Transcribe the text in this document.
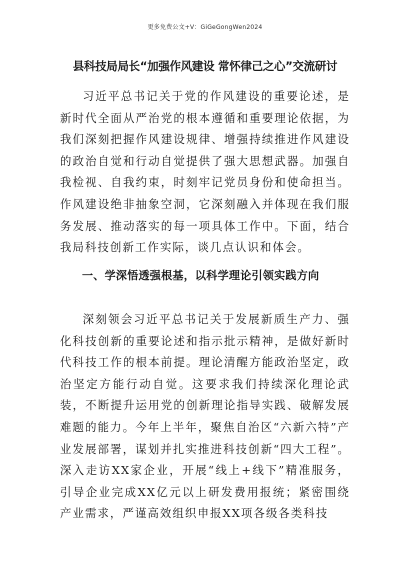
更多免费公文+V：GiGeGongWen2024
县科技局局长“加强作风建设 常怀律己之心”交流研讨

习近平总书记关于党的作风建设的重要论述，是新时代全面从严治党的根本遵循和重要理论依据，为我们深刻把握作风建设规律、增强持续推进作风建设的政治自觉和行动自觉提供了强大思想武器。加强自我检视、自我约束，时刻牢记党员身份和使命担当。作风建设绝非抽象空洞，它深刻融入并体现在我们服务发展、推动落实的每一项具体工作中。下面，结合我局科技创新工作实际，谈几点认识和体会。

一、学深悟透强根基，以科学理论引领实践方向

深刻领会习近平总书记关于发展新质生产力、强化科技创新的重要论述和指示批示精神，是做好新时代科技工作的根本前提。理论清醒方能政治坚定，政治坚定方能行动自觉。这要求我们持续深化理论武装，不断提升运用党的创新理论指导实践、破解发展难题的能力。今年上半年，聚焦自治区“六新六特”产业发展部署，谋划并扎实推进科技创新“四大工程”。深入走访XX家企业，开展“线上+线下”精准服务，引导企业完成XX亿元以上研发费用报统；紧密围绕产业需求，严谨高效组织申报XX项各级各类科技
